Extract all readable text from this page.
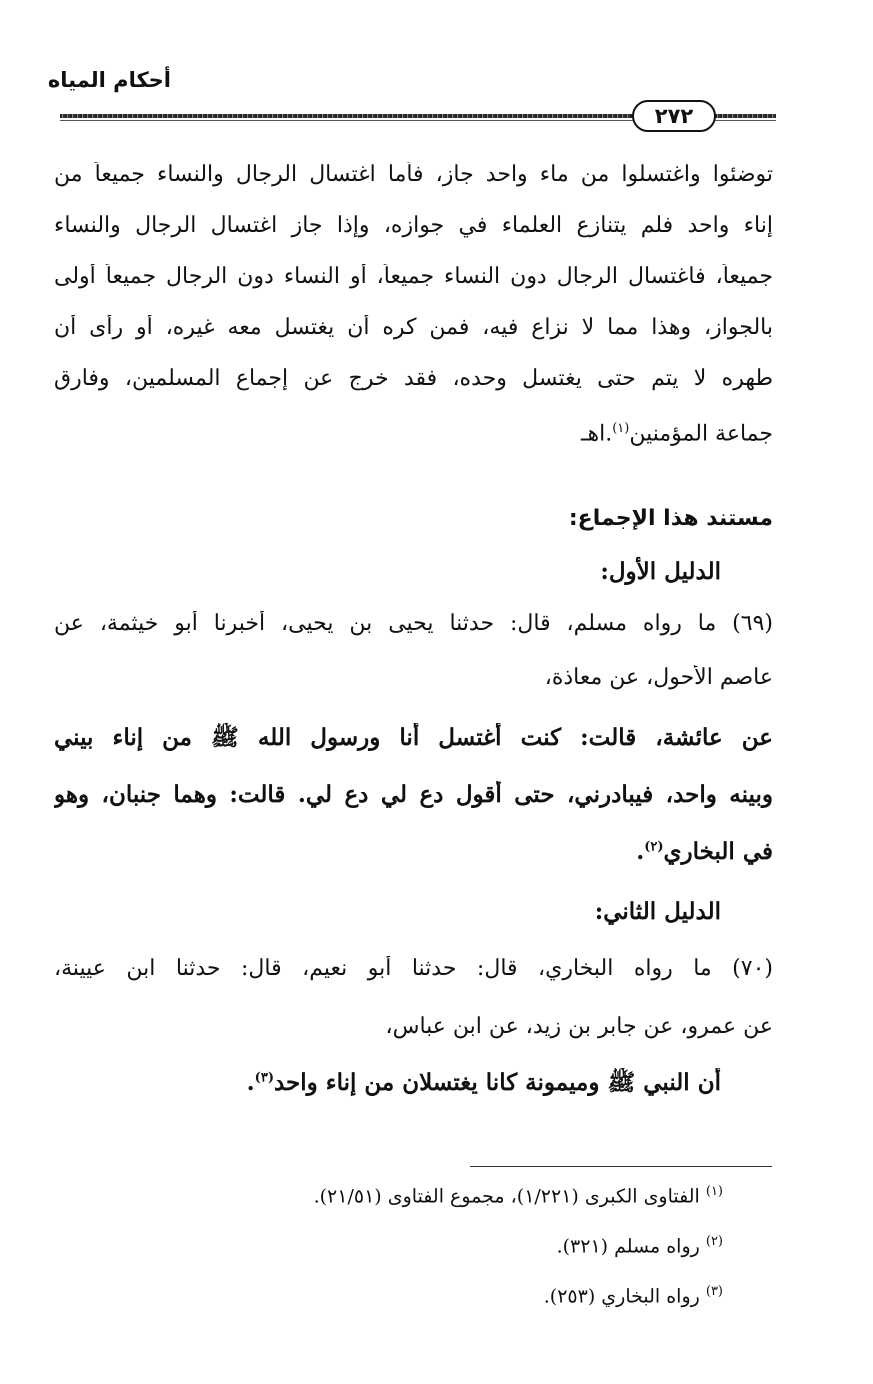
أحكام المياه
٢٧٢
توضئوا واغتسلوا من ماء واحد جاز، فأما اغتسال الرجال والنساء جميعاً من
إناء واحد فلم يتنازع العلماء في جوازه، وإذا جاز اغتسال الرجال والنساء
جميعاً، فاغتسال الرجال دون النساء جميعاً، أو النساء دون الرجال جميعاً أولى
بالجواز، وهذا مما لا نزاع فيه، فمن كره أن يغتسل معه غيره، أو رأى أن
طهره لا يتم حتى يغتسل وحده، فقد خرج عن إجماع المسلمين، وفارق
جماعة المؤمنين$^{(١)}$.اهـ
مستند هذا الإجماع:
الدليل الأول:
(٦٩) ما رواه مسلم، قال: حدثنا يحيى بن يحيى، أخبرنا أبو خيثمة، عن
عاصم الأحول، عن معاذة،
عن عائشة، قالت: كنت أغتسل أنا ورسول الله ﷺ من إناء بيني
وبينه واحد، فيبادرني، حتى أقول دع لي دع لي. قالت: وهما جنبان، وهو
في البخاري$^{(٢)}$.
الدليل الثاني:
(٧٠) ما رواه البخاري، قال: حدثنا أبو نعيم، قال: حدثنا ابن عيينة،
عن عمرو، عن جابر بن زيد، عن ابن عباس،
أن النبي ﷺ وميمونة كانا يغتسلان من إناء واحد$^{(٣)}$.
$^{(١)}$ الفتاوى الكبرى (١/٢٢١)، مجموع الفتاوى (٢١/٥١).
$^{(٢)}$ رواه مسلم (٣٢١).
$^{(٣)}$ رواه البخاري (٢٥٣).
